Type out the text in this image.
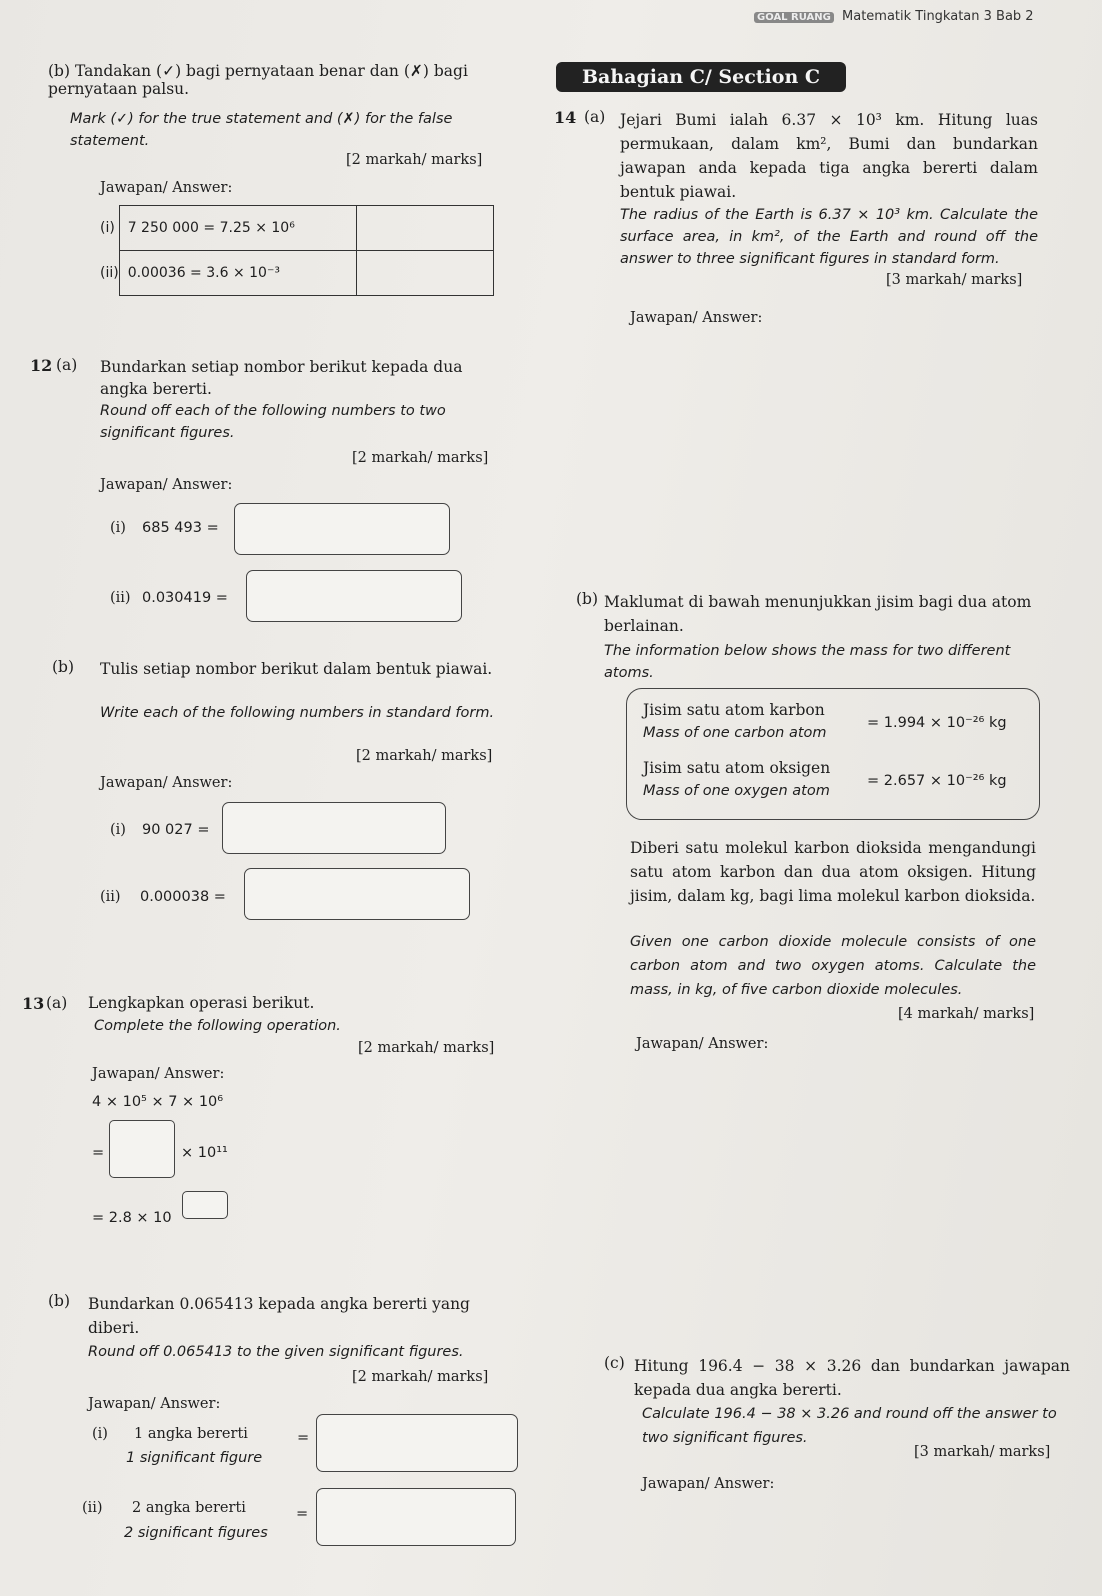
GOAL RUANG Matematik Tingkatan 3 Bab 2
(b) Tandakan (✓) bagi pernyataan benar dan (✗) bagi pernyataan palsu.
Mark (✓) for the true statement and (✗) for the false statement.
[2 markah/ marks]
Jawapan/ Answer:
(i)	7 250 000 = 7.25 × 10⁶	
(ii)	0.00036 = 3.6 × 10⁻³	
12 (a) Bundarkan setiap nombor berikut kepada dua angka bererti.
Round off each of the following numbers to two significant figures.
[2 markah/ marks]
Jawapan/ Answer:
(i) 685 493 =
(ii) 0.030419 =
(b) Tulis setiap nombor berikut dalam bentuk piawai.
Write each of the following numbers in standard form.
[2 markah/ marks]
Jawapan/ Answer:
(i) 90 027 =
(ii) 0.000038 =
13 (a) Lengkapkan operasi berikut.
Complete the following operation.
[2 markah/ marks]
Jawapan/ Answer:
4 × 10⁵ × 7 × 10⁶
=	× 10¹¹
= 2.8 × 10
(b) Bundarkan 0.065413 kepada angka bererti yang diberi.
Round off 0.065413 to the given significant figures.
[2 markah/ marks]
Jawapan/ Answer:
(i) 1 angka bererti
1 significant figure
=
(ii) 2 angka bererti
2 significant figures
=
Bahagian C/ Section C
14 (a) Jejari Bumi ialah 6.37 × 10³ km. Hitung luas permukaan, dalam km², Bumi dan bundarkan jawapan anda kepada tiga angka bererti dalam bentuk piawai.
The radius of the Earth is 6.37 × 10³ km. Calculate the surface area, in km², of the Earth and round off the answer to three significant figures in standard form.
[3 markah/ marks]
Jawapan/ Answer:
(b) Maklumat di bawah menunjukkan jisim bagi dua atom berlainan.
The information below shows the mass for two different atoms.
Jisim satu atom karbon
Mass of one carbon atom
= 1.994 × 10⁻²⁶ kg
Jisim satu atom oksigen
Mass of one oxygen atom
= 2.657 × 10⁻²⁶ kg
Diberi satu molekul karbon dioksida mengandungi satu atom karbon dan dua atom oksigen. Hitung jisim, dalam kg, bagi lima molekul karbon dioksida.
Given one carbon dioxide molecule consists of one carbon atom and two oxygen atoms. Calculate the mass, in kg, of five carbon dioxide molecules.
[4 markah/ marks]
Jawapan/ Answer:
(c) Hitung 196.4 − 38 × 3.26 dan bundarkan jawapan kepada dua angka bererti.
Calculate 196.4 − 38 × 3.26 and round off the answer to two significant figures.
[3 markah/ marks]
Jawapan/ Answer:
